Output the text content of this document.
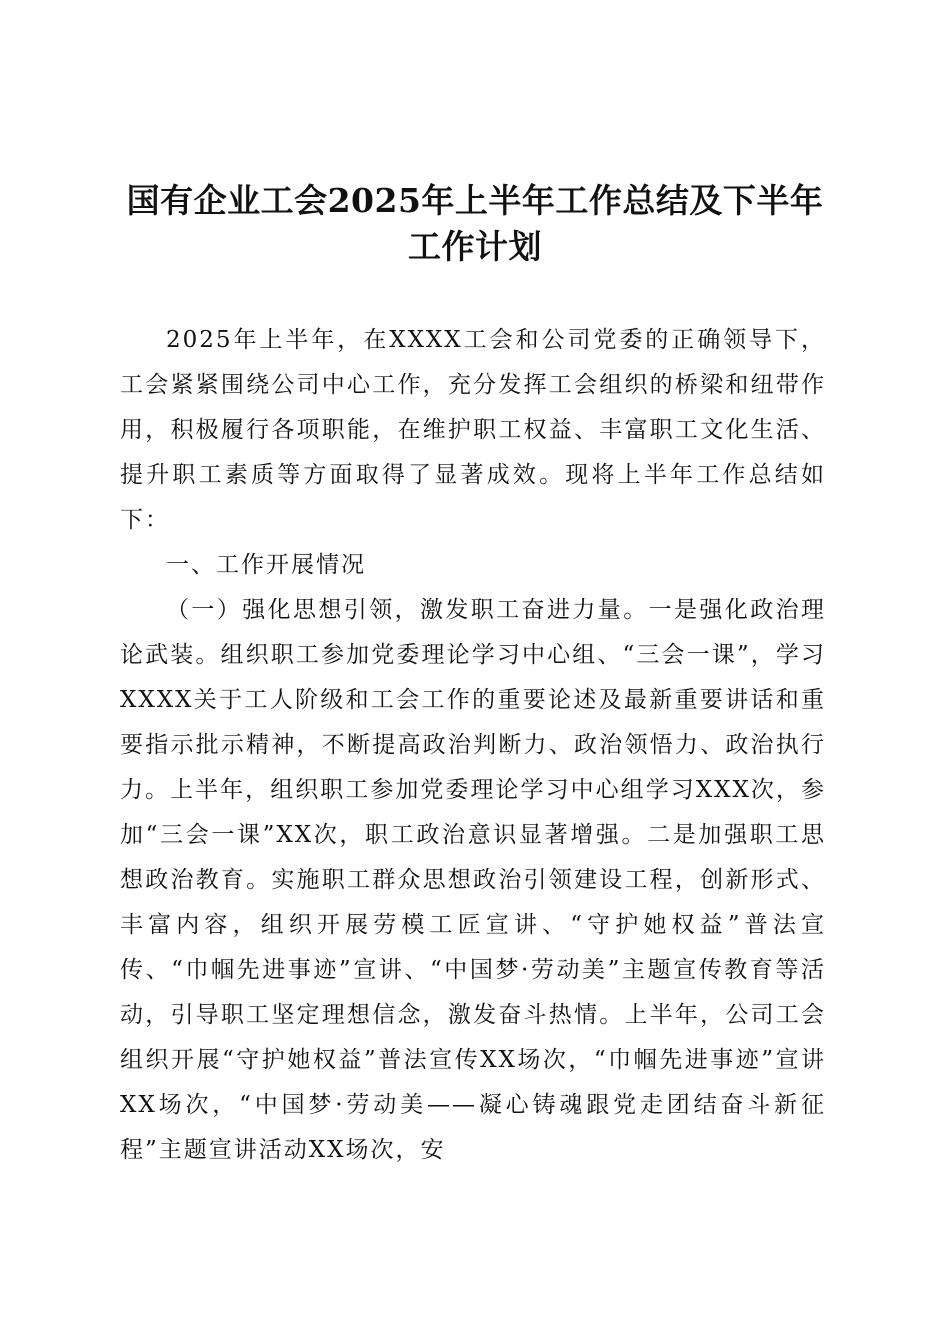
国有企业工会2025年上半年工作总结及下半年工作计划

2025年上半年，在XXXX工会和公司党委的正确领导下，工会紧紧围绕公司中心工作，充分发挥工会组织的桥梁和纽带作用，积极履行各项职能，在维护职工权益、丰富职工文化生活、提升职工素质等方面取得了显著成效。现将上半年工作总结如下：

一、工作开展情况

（一）强化思想引领，激发职工奋进力量。一是强化政治理论武装。组织职工参加党委理论学习中心组、“三会一课”，学习XXXX关于工人阶级和工会工作的重要论述及最新重要讲话和重要指示批示精神，不断提高政治判断力、政治领悟力、政治执行力。上半年，组织职工参加党委理论学习中心组学习XXX次，参加“三会一课”XX次，职工政治意识显著增强。二是加强职工思想政治教育。实施职工群众思想政治引领建设工程，创新形式、丰富内容，组织开展劳模工匠宣讲、“守护她权益”普法宣传、“巾帼先进事迹”宣讲、“中国梦·劳动美”主题宣传教育等活动，引导职工坚定理想信念，激发奋斗热情。上半年，公司工会组织开展“守护她权益”普法宣传XX场次，“巾帼先进事迹”宣讲XX场次，“中国梦·劳动美——凝心铸魂跟党走团结奋斗新征程”主题宣讲活动XX场次，安
